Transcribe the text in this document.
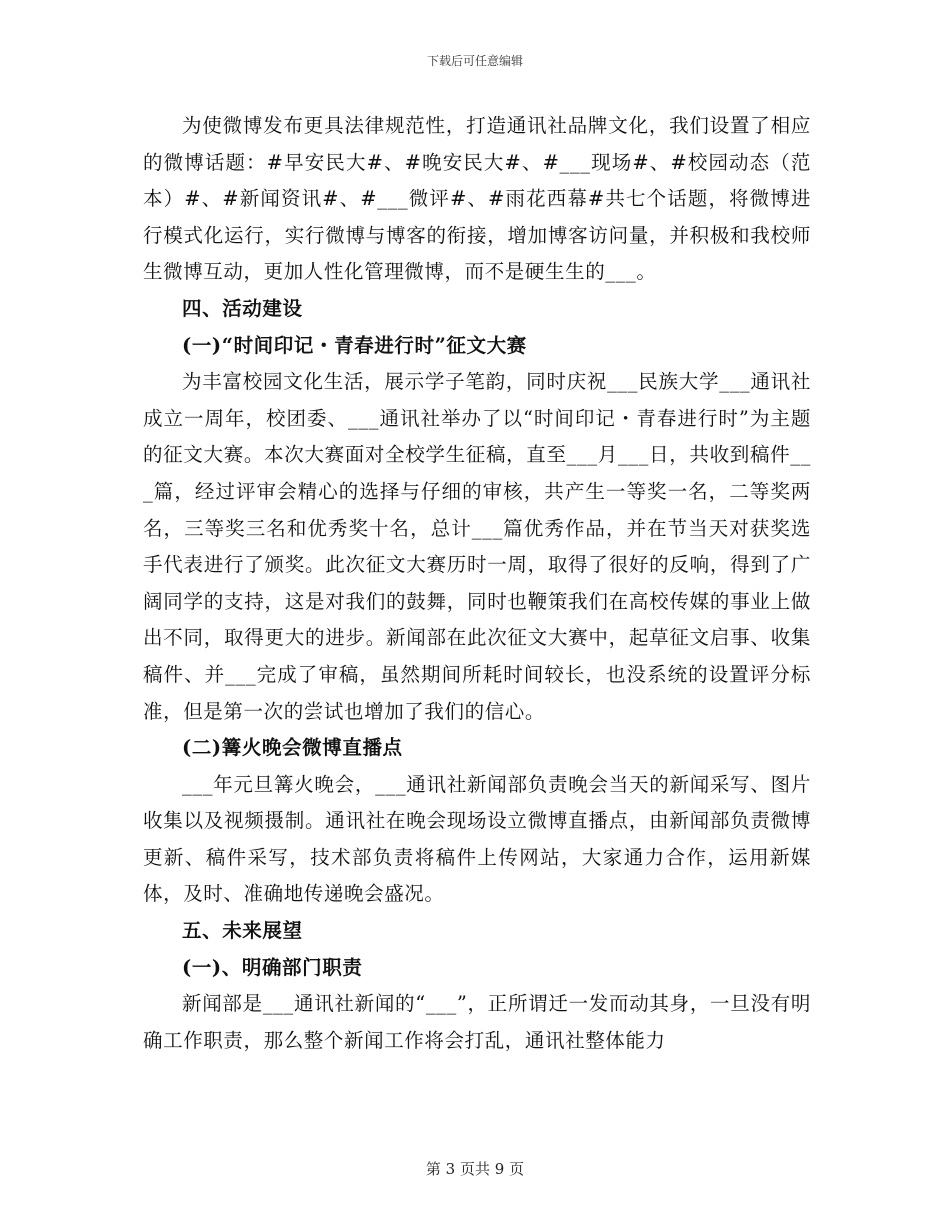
下载后可任意编辑

为使微博发布更具法律规范性，打造通讯社品牌文化，我们设置了相应的微博话题：#早安民大#、#晚安民大#、#___现场#、#校园动态（范本）#、#新闻资讯#、#___微评#、#雨花西幕#共七个话题，将微博进行模式化运行，实行微博与博客的衔接，增加博客访问量，并积极和我校师生微博互动，更加人性化管理微博，而不是硬生生的___。

四、活动建设

(一)“时间印记・青春进行时”征文大赛

为丰富校园文化生活，展示学子笔韵，同时庆祝___民族大学___通讯社成立一周年，校团委、___通讯社举办了以“时间印记・青春进行时”为主题的征文大赛。本次大赛面对全校学生征稿，直至___月___日，共收到稿件___篇，经过评审会精心的选择与仔细的审核，共产生一等奖一名，二等奖两名，三等奖三名和优秀奖十名，总计___篇优秀作品，并在节当天对获奖选手代表进行了颁奖。此次征文大赛历时一周，取得了很好的反响，得到了广阔同学的支持，这是对我们的鼓舞，同时也鞭策我们在高校传媒的事业上做出不同，取得更大的进步。新闻部在此次征文大赛中，起草征文启事、收集稿件、并___完成了审稿，虽然期间所耗时间较长，也没系统的设置评分标准，但是第一次的尝试也增加了我们的信心。

(二)篝火晚会微博直播点

___年元旦篝火晚会，___通讯社新闻部负责晚会当天的新闻采写、图片收集以及视频摄制。通讯社在晚会现场设立微博直播点，由新闻部负责微博更新、稿件采写，技术部负责将稿件上传网站，大家通力合作，运用新媒体，及时、准确地传递晚会盛况。

五、未来展望

(一)、明确部门职责

新闻部是___通讯社新闻的“___”，正所谓迁一发而动其身，一旦没有明确工作职责，那么整个新闻工作将会打乱，通讯社整体能力

第 3 页共 9 页
